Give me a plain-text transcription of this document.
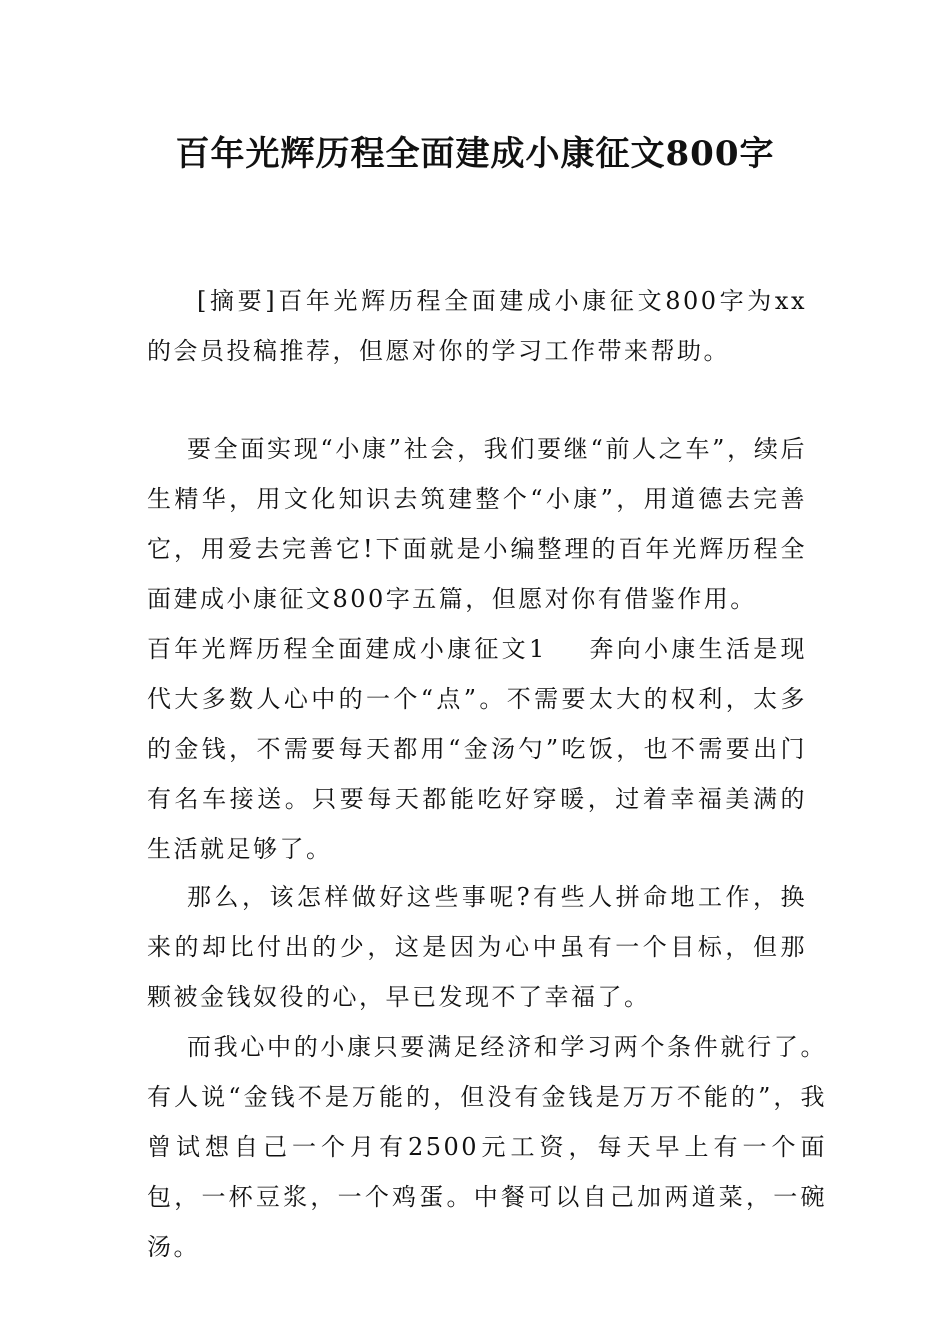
百年光辉历程全面建成小康征文800字

[摘要]百年光辉历程全面建成小康征文800字为xx的会员投稿推荐，但愿对你的学习工作带来帮助。

要全面实现“小康”社会，我们要继“前人之车”，续后生精华，用文化知识去筑建整个“小康”，用道德去完善它，用爱去完善它!下面就是小编整理的百年光辉历程全面建成小康征文800字五篇，但愿对你有借鉴作用。

百年光辉历程全面建成小康征文1 奔向小康生活是现代大多数人心中的一个“点”。不需要太大的权利，太多的金钱，不需要每天都用“金汤勺”吃饭，也不需要出门有名车接送。只要每天都能吃好穿暖，过着幸福美满的生活就足够了。

那么，该怎样做好这些事呢?有些人拼命地工作，换来的却比付出的少，这是因为心中虽有一个目标，但那颗被金钱奴役的心，早已发现不了幸福了。

而我心中的小康只要满足经济和学习两个条件就行了。有人说“金钱不是万能的，但没有金钱是万万不能的”，我曾试想自己一个月有2500元工资，每天早上有一个面包，一杯豆浆，一个鸡蛋。中餐可以自己加两道菜，一碗汤。
